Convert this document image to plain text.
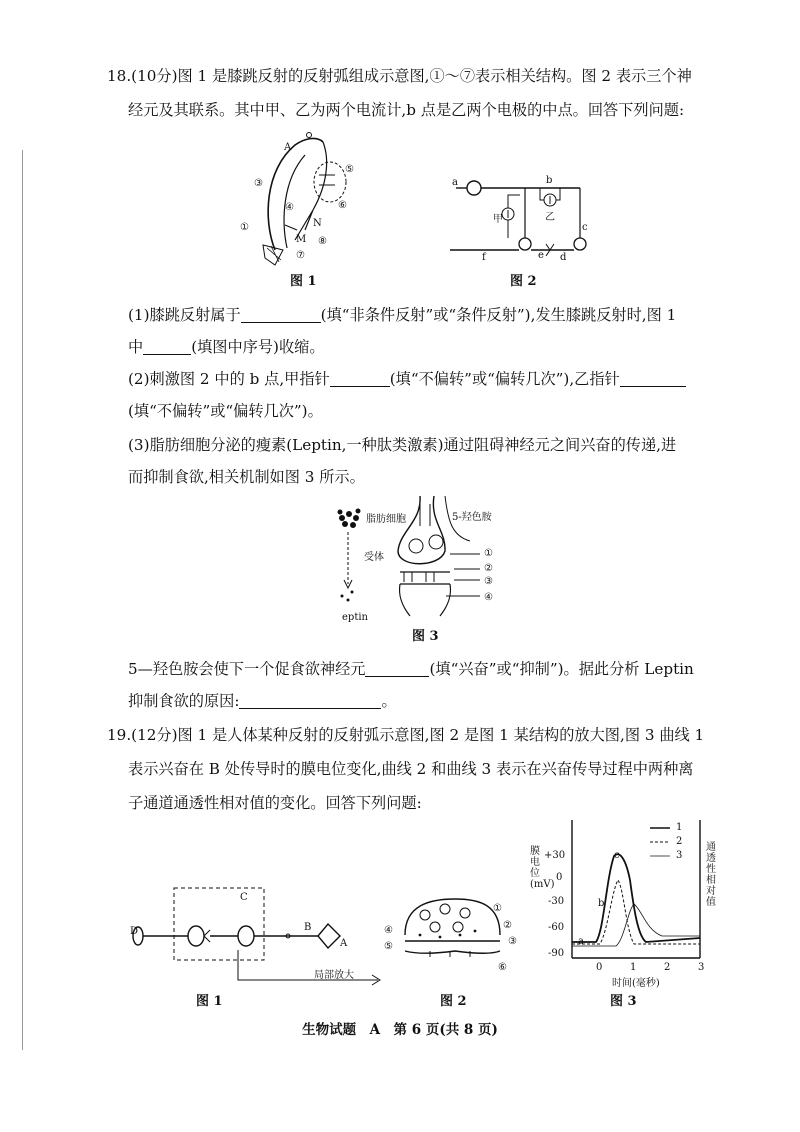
18.(10分)图 1 是膝跳反射的反射弧组成示意图,①～⑦表示相关结构。图 2 表示三个神
经元及其联系。其中甲、乙为两个电流计,b 点是乙两个电极的中点。回答下列问题:
A
③
④
①
M
⑦
N
⑧
⑤
⑥
图 1
a	b
甲	乙
c
e d
f
图 2
(1)膝跳反射属于	(填“非条件反射”或“条件反射”),发生膝跳反射时,图 1
中	(填图中序号)收缩。
(2)刺激图 2 中的 b 点,甲指针	(填“不偏转”或“偏转几次”),乙指针
(填“不偏转”或“偏转几次”)。
(3)脂肪细胞分泌的瘦素(Leptin,一种肽类激素)通过阻碍神经元之间兴奋的传递,进
而抑制食欲,相关机制如图 3 所示。
脂肪细胞	5-羟色胺
受体
eptin
①
②
③
④
图 3
5—羟色胺会使下一个促食欲神经元	(填“兴奋”或“抑制”)。据此分析 Leptin
抑制食欲的原因:	。
19.(12分)图 1 是人体某种反射的反射弧示意图,图 2 是图 1 某结构的放大图,图 3 曲线 1
表示兴奋在 B 处传导时的膜电位变化,曲线 2 和曲线 3 表示在兴奋传导过程中两种离
子通道通透性相对值的变化。回答下列问题:
D
C
B
A
局部放大
图 1
④
⑤
①
②
③
⑥
图 2
膜电位(mV)
通透性相对值
+30
0
-30
-60
-90
0	1	2	3
时间(毫秒)
1
2
3
a
b
c
图 3
生物试题　A　第 6 页(共 8 页)
